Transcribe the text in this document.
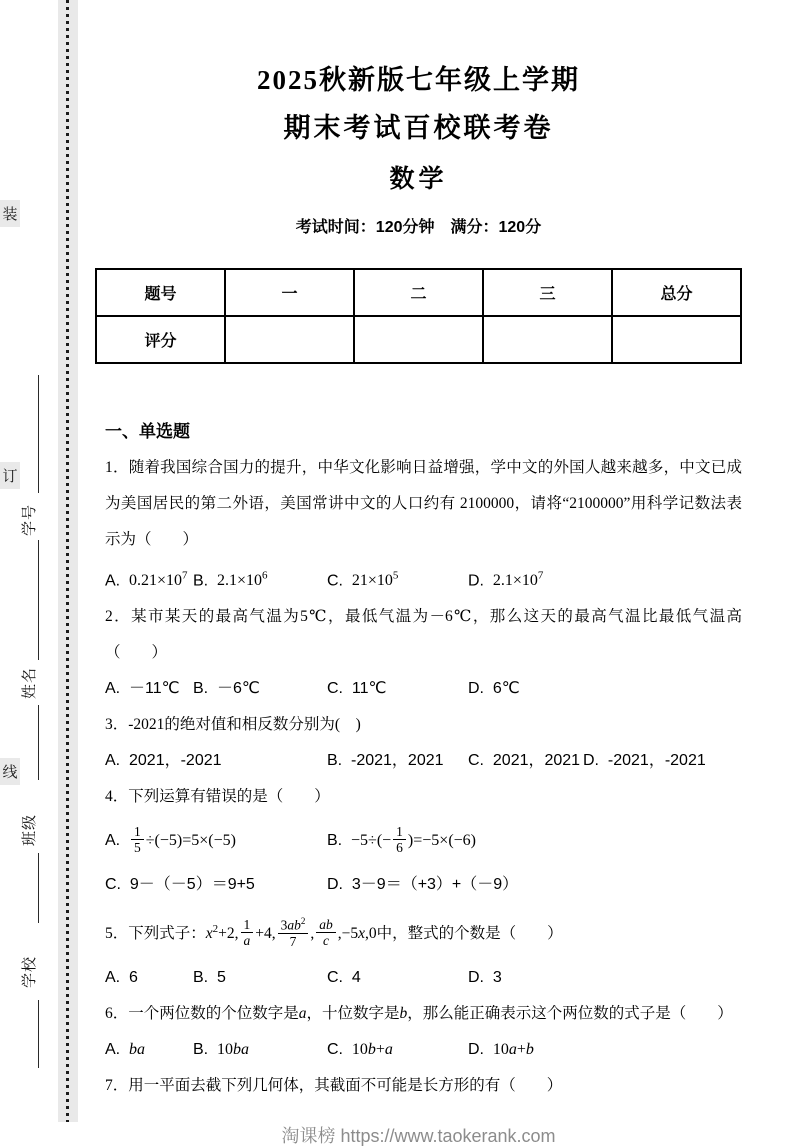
装
订
线
学号
姓名
班级
学校
2025秋新版七年级上学期
期末考试百校联考卷
数学
考试时间：120分钟　满分：120分
题号	一	二	三	总分
评分				
一、单选题
1．随着我国综合国力的提升，中华文化影响日益增强，学中文的外国人越来越多，中文已成为美国居民的第二外语，美国常讲中文的人口约有 2100000，请将“2100000”用科学记数法表示为（  ）
A.  $0.21\times 10^7$ B.  $2.1\times 10^6$	C.  $21\times 10^5$	D.  $2.1\times 10^7$
2．某市某天的最高气温为5℃，最低气温为－6℃，那么这天的最高气温比最低气温高（  ）
A.  －11℃ B.  －6℃	C.  11℃	D.  6℃
3．-2021的绝对值和相反数分别为( )
A.  2021，-2021	B.  -2021，2021	C.  2021，2021 D.  -2021，-2021
4．下列运算有错误的是（  ）
A. $\frac{1}{5} \div(-5)=5\times(-5)$	B.  $-5\div(- \frac{1}{6} )=-5\times(-6)$
C.  9－（－5）＝9+5	D.  3－9＝（+3）+（－9）
5．下列式子：$x^2+2$, $\frac{1}{a} +4$, $\frac{3ab^2}{7}$ , $\frac{ab}{c} ,-5x,0$中，整式的个数是（  ）
A.  6	B.  5	C.  4	D.  3
6．一个两位数的个位数字是a，十位数字是b，那么能正确表示这个两位数的式子是（  ）
A.  ba	B.  10ba	C.  10b+a	D.  10a+b
7．用一平面去截下列几何体，其截面不可能是长方形的有（  ）
淘课榜 https://www.taokerank.com
